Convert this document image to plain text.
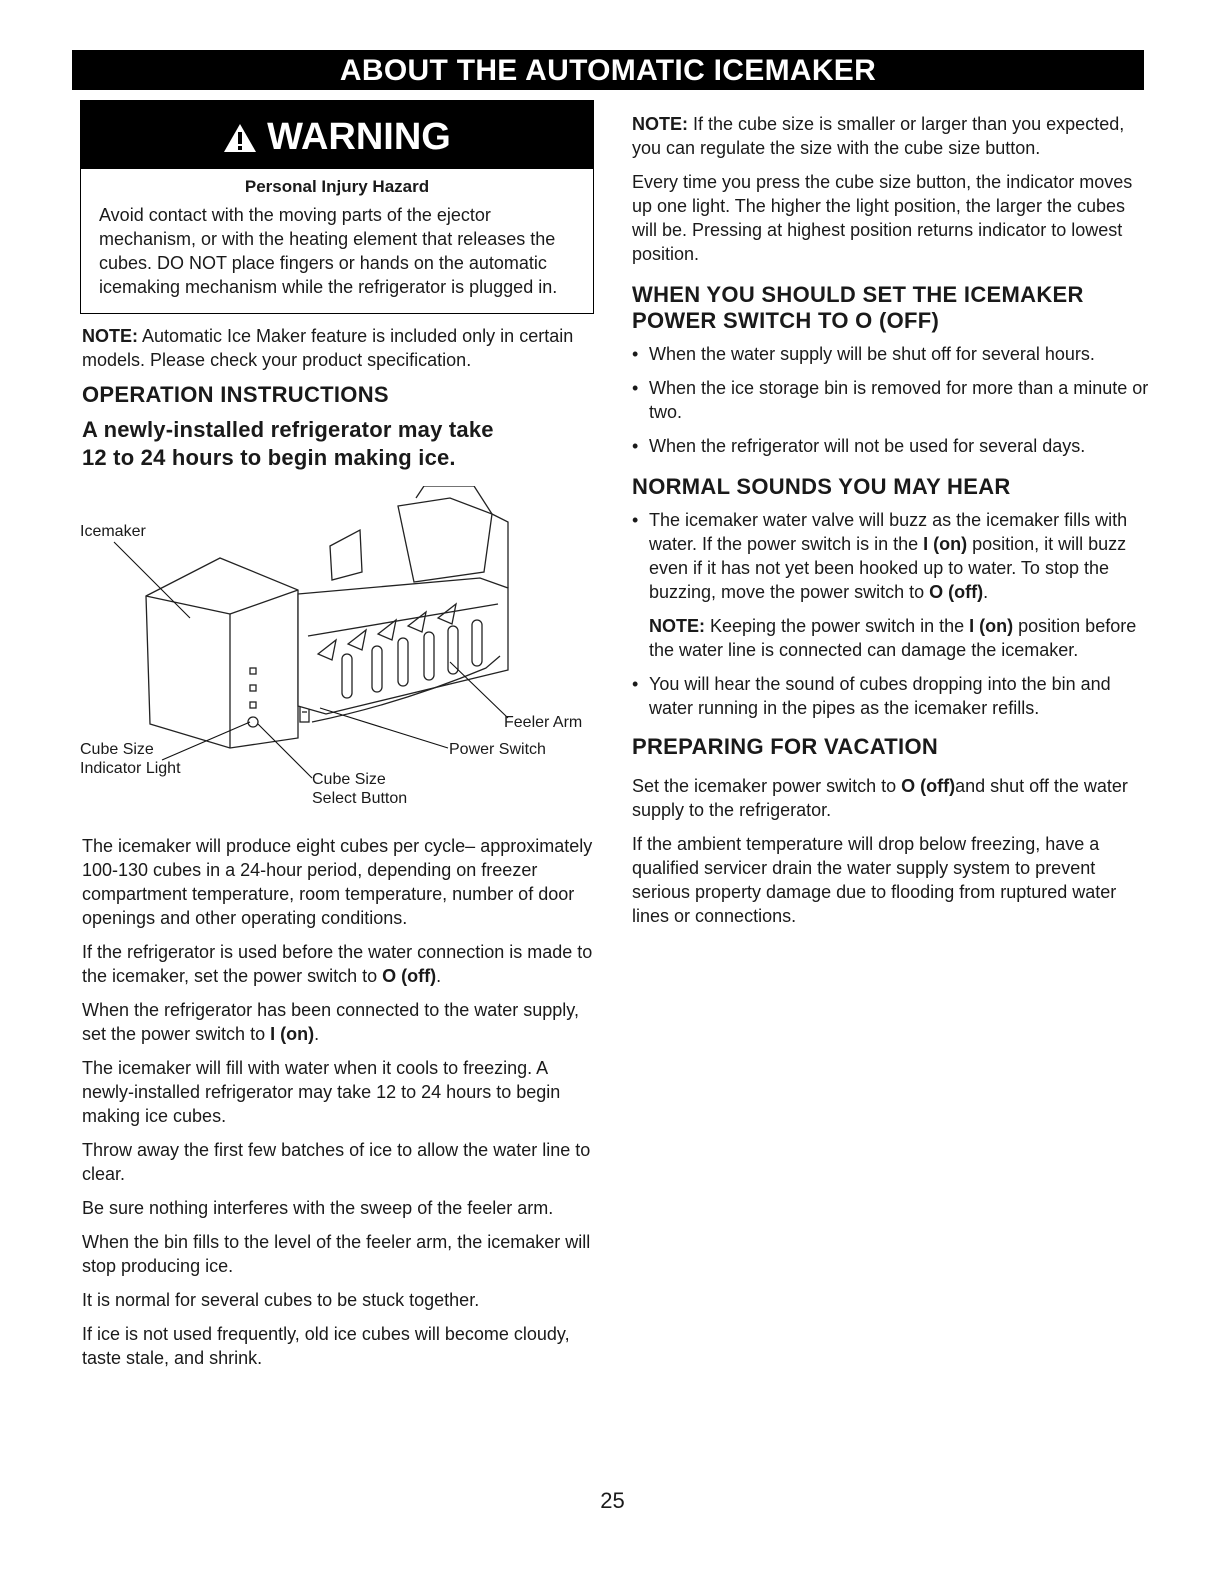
ABOUT THE AUTOMATIC ICEMAKER
WARNING
Personal Injury Hazard
Avoid contact with the moving parts of the ejector mechanism, or with the heating element that releases the cubes. DO NOT place fingers or hands on the automatic icemaking mechanism while the refrigerator is plugged in.

NOTE: Automatic Ice Maker feature is included only in certain models. Please check your product specification.

OPERATION INSTRUCTIONS
A newly-installed refrigerator may take
12 to 24 hours to begin making ice.
Icemaker
Feeler Arm
Power Switch
Cube Size
Indicator Light
Cube Size
Select Button

The icemaker will produce eight cubes per cycle– approximately 100-130 cubes in a 24-hour period, depending on freezer compartment temperature, room temperature, number of door openings and other operating conditions.

If the refrigerator is used before the water connection is made to the icemaker, set the power switch to O (off).

When the refrigerator has been connected to the water supply, set the power switch to I (on).

The icemaker will fill with water when it cools to freezing. A newly-installed refrigerator may take 12 to 24 hours to begin making ice cubes.

Throw away the first few batches of ice to allow the water line to clear.

Be sure nothing interferes with the sweep of the feeler arm.

When the bin fills to the level of the feeler arm, the icemaker will stop producing ice.

It is normal for several cubes to be stuck together.

If ice is not used frequently, old ice cubes will become cloudy, taste stale, and shrink.

NOTE: If the cube size is smaller or larger than you expected, you can regulate the size with the cube size button.

Every time you press the cube size button, the indicator moves up one light. The higher the light position, the larger the cubes will be. Pressing at highest position returns indicator to lowest position.

WHEN YOU SHOULD SET THE ICEMAKER POWER SWITCH TO O (OFF)
• When the water supply will be shut off for several hours.
• When the ice storage bin is removed for more than a minute or two.
• When the refrigerator will not be used for several days.
NORMAL SOUNDS YOU MAY HEAR
• The icemaker water valve will buzz as the icemaker fills with water. If the power switch is in the I (on) position, it will buzz even if it has not yet been hooked up to water. To stop the buzzing, move the power switch to O (off).

NOTE: Keeping the power switch in the I (on) position before the water line is connected can damage the icemaker.

• You will hear the sound of cubes dropping into the bin and water running in the pipes as the icemaker refills.
PREPARING FOR VACATION

Set the icemaker power switch to O (off)and shut off the water supply to the refrigerator.

If the ambient temperature will drop below freezing, have a qualified servicer drain the water supply system to prevent serious property damage due to flooding from ruptured water lines or connections.

25
